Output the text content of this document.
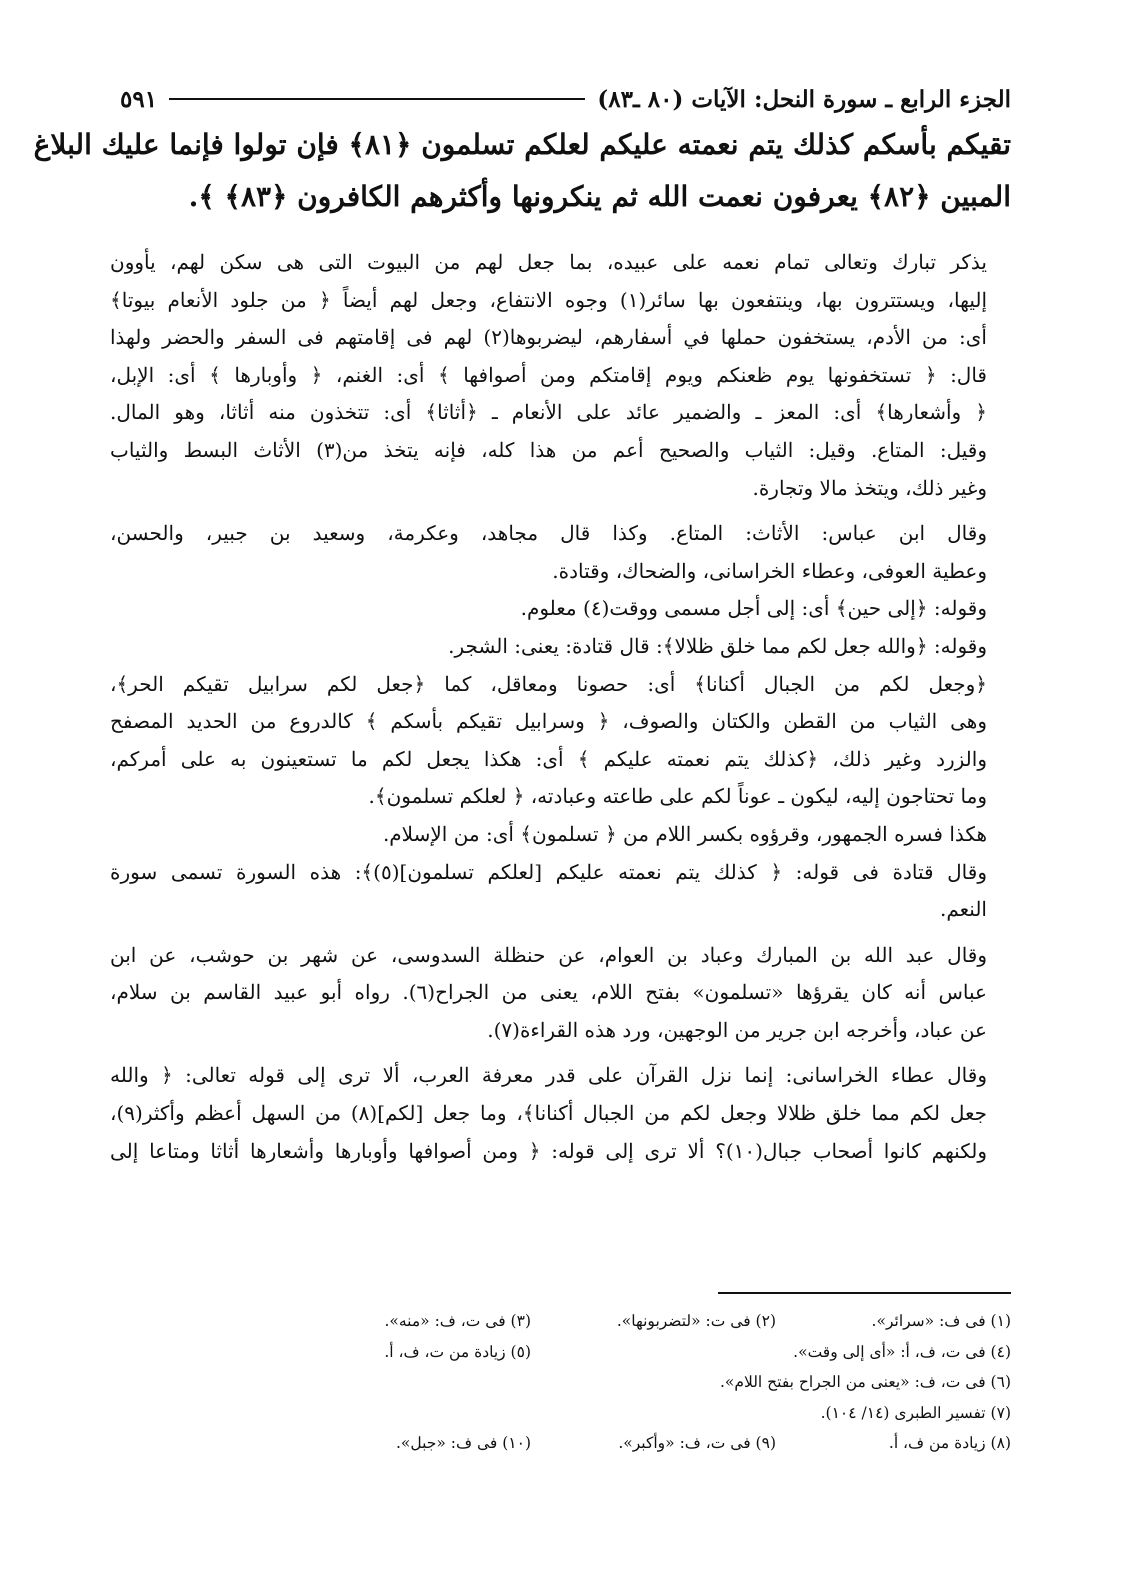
الجزء الرابع ـ سورة النحل: الآيات (٨٠ ـ٨٣)
٥٩١
تقيكم بأسكم كذلك يتم نعمته عليكم لعلكم تسلمون ﴿٨١﴾ فإن تولوا فإنما عليك البلاغ
المبين ﴿٨٢﴾ يعرفون نعمت الله ثم ينكرونها وأكثرهم الكافرون ﴿٨٣﴾ ﴾.

يذكر تبارك وتعالى تمام نعمه على عبيده، بما جعل لهم من البيوت التى هى سكن لهم، يأوون
إليها، ويستترون بها، وينتفعون بها سائر(١) وجوه الانتفاع، وجعل لهم أيضاً ﴿ من جلود الأنعام بيوتا﴾
أى: من الأدم، يستخفون حملها في أسفارهم، ليضربوها(٢) لهم فى إقامتهم فى السفر والحضر ولهذا
قال: ﴿ تستخفونها يوم ظعنكم ويوم إقامتكم ومن أصوافها ﴾ أى: الغنم، ﴿ وأوبارها ﴾ أى: الإبل،
﴿ وأشعارها﴾ أى: المعز ـ والضمير عائد على الأنعام ـ ﴿أثاثا﴾ أى: تتخذون منه أثاثا، وهو المال.
وقيل: المتاع. وقيل: الثياب والصحيح أعم من هذا كله، فإنه يتخذ من(٣) الأثاث البسط والثياب
وغير ذلك، ويتخذ مالا وتجارة.

وقال ابن عباس: الأثاث: المتاع. وكذا قال مجاهد، وعكرمة، وسعيد بن جبير، والحسن،
وعطية العوفى، وعطاء الخراسانى، والضحاك، وقتادة.

وقوله: ﴿إلى حين﴾ أى: إلى أجل مسمى ووقت(٤) معلوم.

وقوله: ﴿والله جعل لكم مما خلق ظلالا﴾: قال قتادة: يعنى: الشجر.

﴿وجعل لكم من الجبال أكنانا﴾ أى: حصونا ومعاقل، كما ﴿جعل لكم سرابيل تقيكم الحر﴾،
وهى الثياب من القطن والكتان والصوف، ﴿ وسرابيل تقيكم بأسكم ﴾ كالدروع من الحديد المصفح
والزرد وغير ذلك، ﴿كذلك يتم نعمته عليكم ﴾ أى: هكذا يجعل لكم ما تستعينون به على أمركم،
وما تحتاجون إليه، ليكون ـ عوناً لكم على طاعته وعبادته، ﴿ لعلكم تسلمون﴾.

هكذا فسره الجمهور، وقرؤوه بكسر اللام من ﴿ تسلمون﴾ أى: من الإسلام.

وقال قتادة فى قوله: ﴿ كذلك يتم نعمته عليكم [لعلكم تسلمون](٥)﴾: هذه السورة تسمى سورة
النعم.

وقال عبد الله بن المبارك وعباد بن العوام، عن حنظلة السدوسى، عن شهر بن حوشب، عن ابن
عباس أنه كان يقرؤها «تسلمون» بفتح اللام، يعنى من الجراح(٦). رواه أبو عبيد القاسم بن سلام،
عن عباد، وأخرجه ابن جرير من الوجهين، ورد هذه القراءة(٧).

وقال عطاء الخراسانى: إنما نزل القرآن على قدر معرفة العرب، ألا ترى إلى قوله تعالى: ﴿ والله
جعل لكم مما خلق ظلالا وجعل لكم من الجبال أكنانا﴾، وما جعل [لكم](٨) من السهل أعظم وأكثر(٩)،
ولكنهم كانوا أصحاب جبال(١٠)؟ ألا ترى إلى قوله: ﴿ ومن أصوافها وأوبارها وأشعارها أثاثا ومتاعا إلى

(١) فى ف: «سرائر».
(٢) فى ت: «لتضربونها».
(٣) فى ت، ف: «منه».
(٤) فى ت، ف، أ: «أى إلى وقت».
(٥) زيادة من ت، ف، أ.
(٦) فى ت، ف: «يعنى من الجراح بفتح اللام».
(٧) تفسير الطبرى (١٤/ ١٠٤).
(٨) زيادة من ف، أ.
(٩) فى ت، ف: «وأكبر».
(١٠) فى ف: «جبل».
